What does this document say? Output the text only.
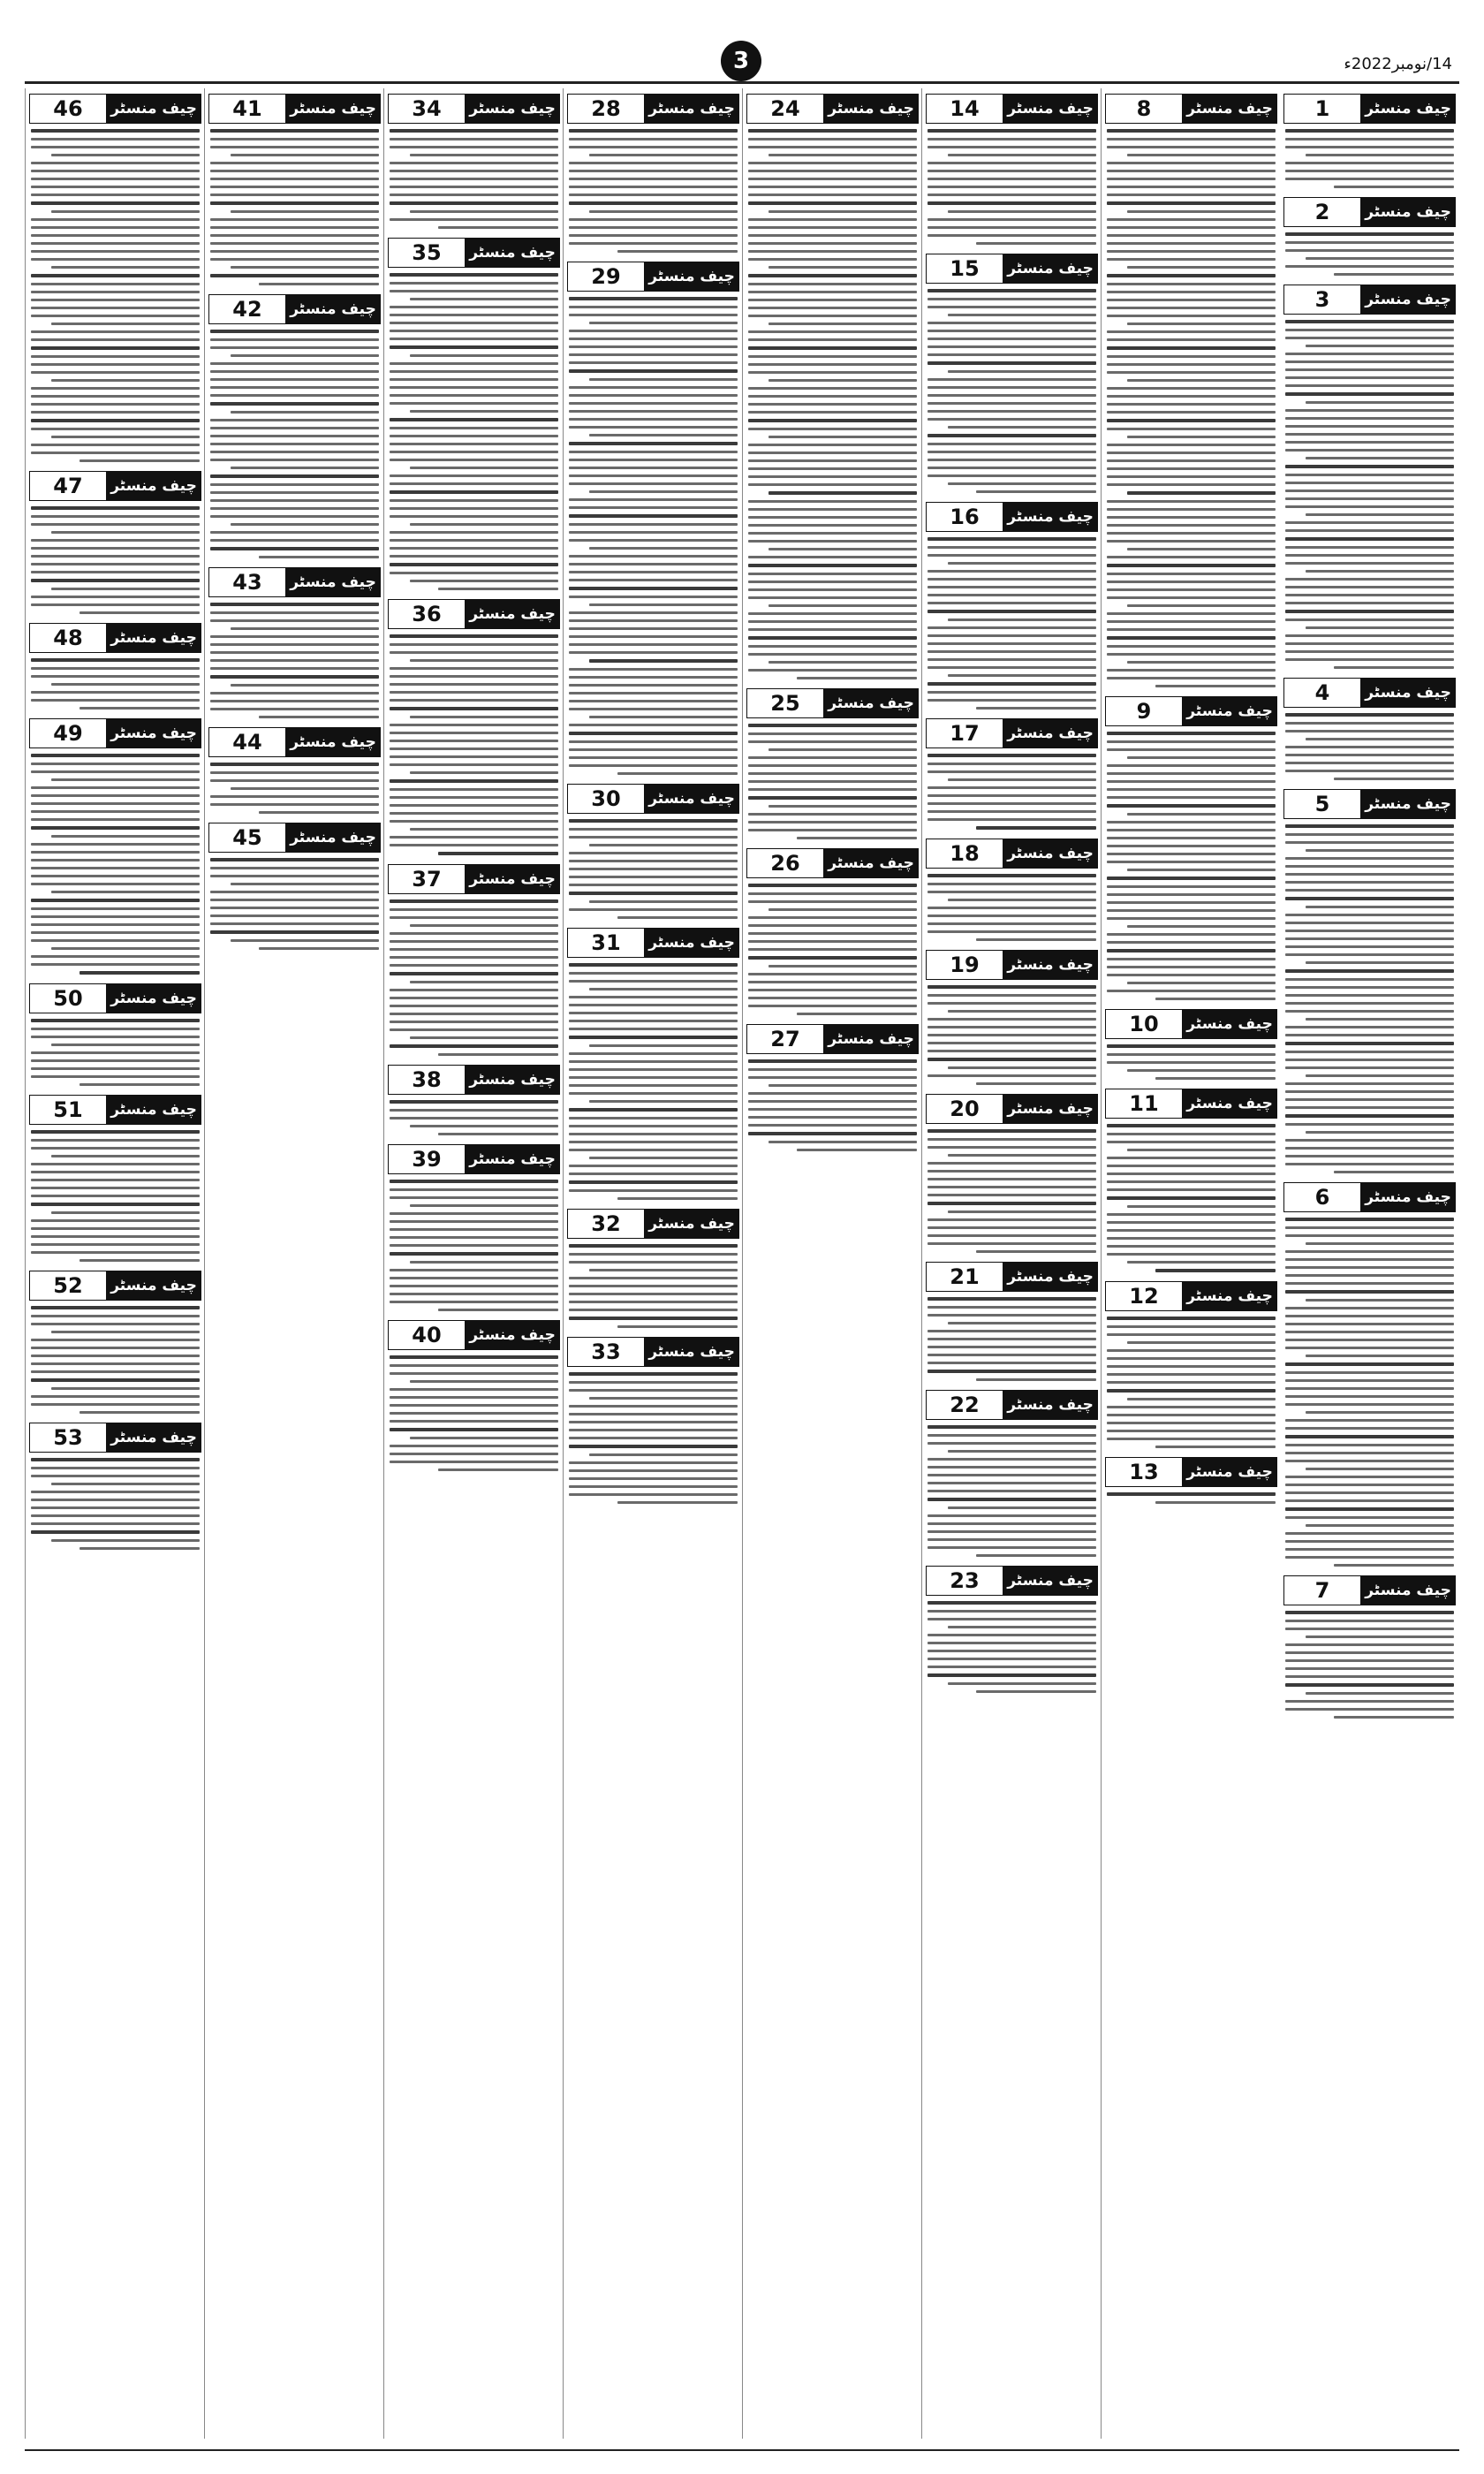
3	14/نومبر2022ء
1	چیف منسٹر
2	چیف منسٹر
3	چیف منسٹر
4	چیف منسٹر
5	چیف منسٹر
6	چیف منسٹر
7	چیف منسٹر
8	چیف منسٹر
9	چیف منسٹر
10	چیف منسٹر
11	چیف منسٹر
12	چیف منسٹر
13	چیف منسٹر
14	چیف منسٹر
15	چیف منسٹر
16	چیف منسٹر
17	چیف منسٹر
18	چیف منسٹر
19	چیف منسٹر
20	چیف منسٹر
21	چیف منسٹر
22	چیف منسٹر
23	چیف منسٹر
24	چیف منسٹر
25	چیف منسٹر
26	چیف منسٹر
27	چیف منسٹر
28	چیف منسٹر
29	چیف منسٹر
30	چیف منسٹر
31	چیف منسٹر
32	چیف منسٹر
33	چیف منسٹر
34	چیف منسٹر
35	چیف منسٹر
36	چیف منسٹر
37	چیف منسٹر
38	چیف منسٹر
39	چیف منسٹر
40	چیف منسٹر
41	چیف منسٹر
42	چیف منسٹر
43	چیف منسٹر
44	چیف منسٹر
45	چیف منسٹر
46	چیف منسٹر
47	چیف منسٹر
48	چیف منسٹر
49	چیف منسٹر
50	چیف منسٹر
51	چیف منسٹر
52	چیف منسٹر
53	چیف منسٹر
